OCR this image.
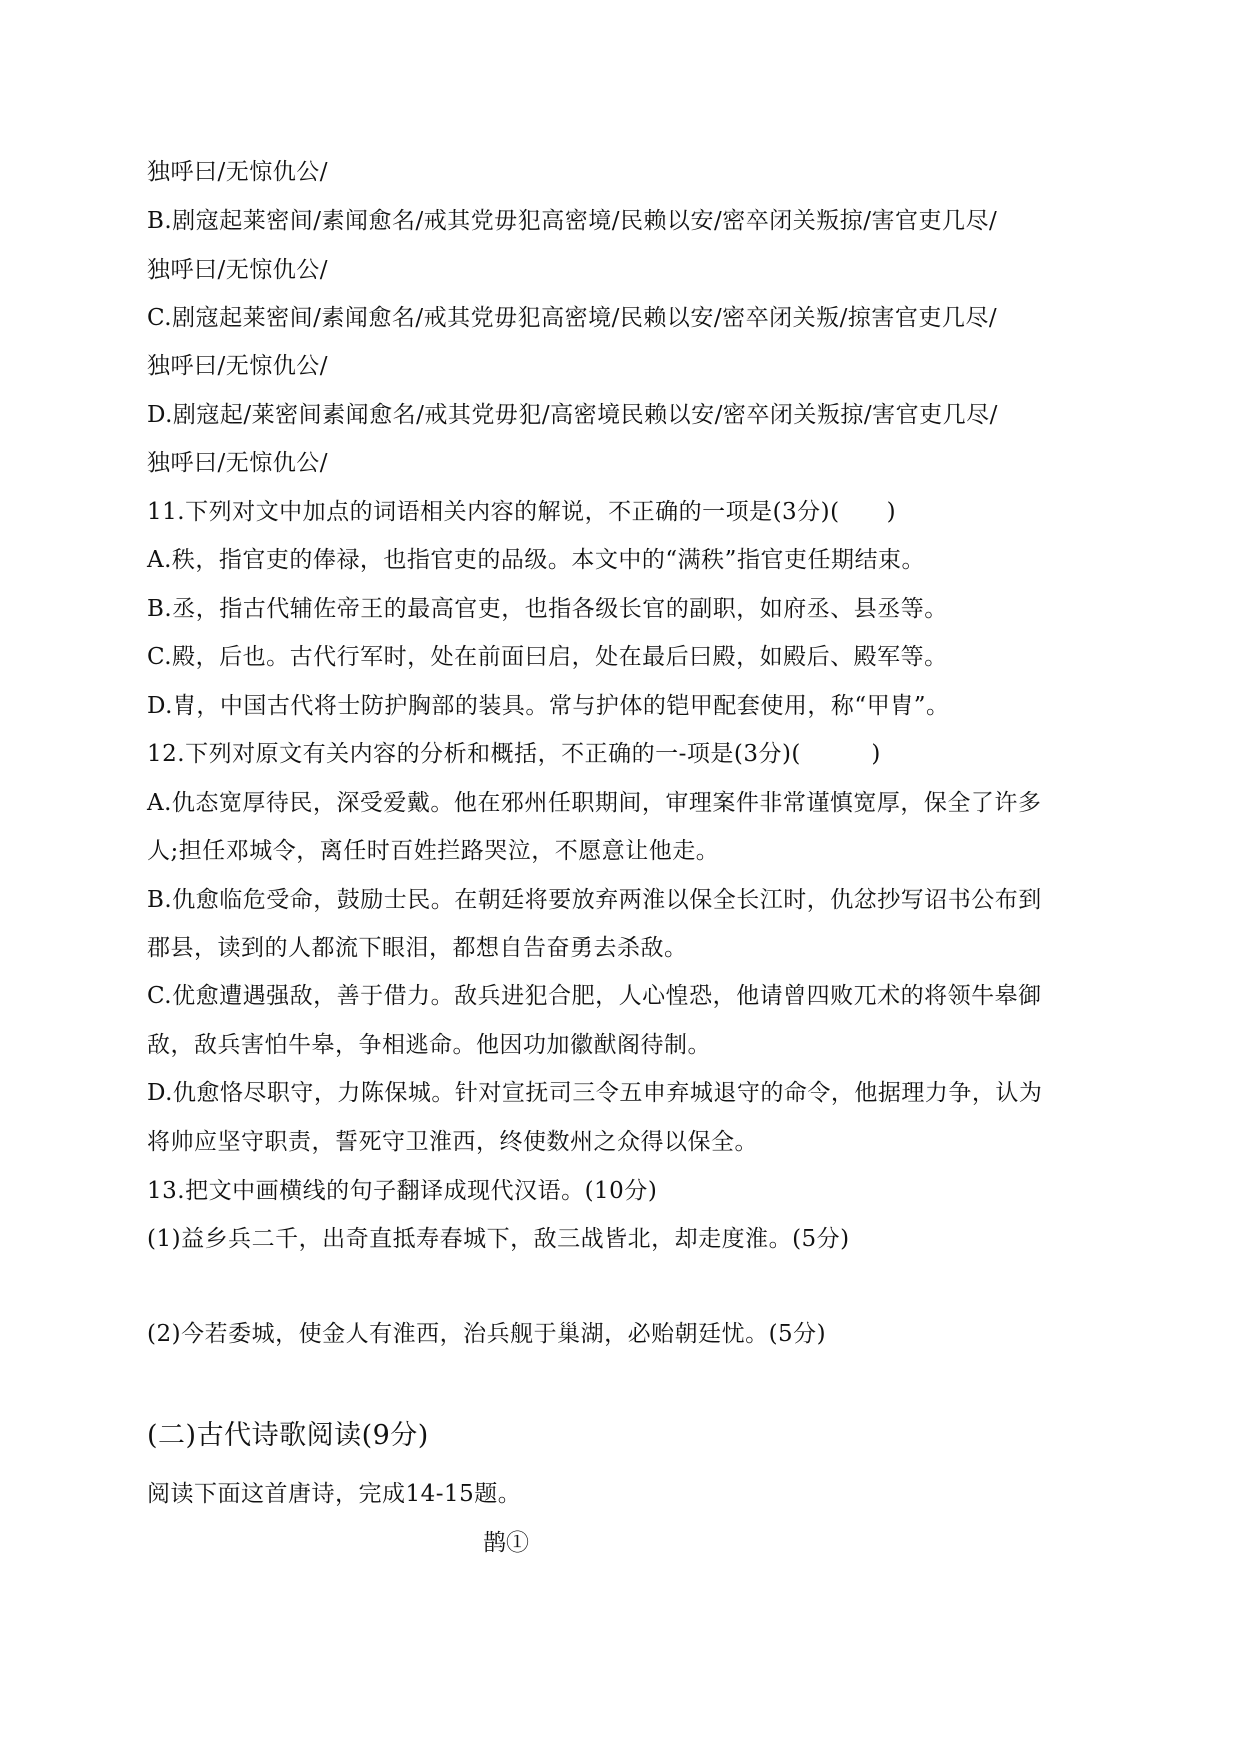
独呼曰/无惊仇公/
B.剧寇起莱密间/素闻愈名/戒其党毋犯高密境/民赖以安/密卒闭关叛掠/害官吏几尽/
独呼曰/无惊仇公/
C.剧寇起莱密间/素闻愈名/戒其党毋犯高密境/民赖以安/密卒闭关叛/掠害官吏几尽/
独呼曰/无惊仇公/
D.剧寇起/莱密间素闻愈名/戒其党毋犯/高密境民赖以安/密卒闭关叛掠/害官吏几尽/
独呼曰/无惊仇公/
11.下列对文中加点的词语相关内容的解说，不正确的一项是(3分)(　　)
A.秩，指官吏的俸禄，也指官吏的品级。本文中的“满秩”指官吏任期结束。
B.丞，指古代辅佐帝王的最高官吏，也指各级长官的副职，如府丞、县丞等。
C.殿，后也。古代行军时，处在前面曰启，处在最后曰殿，如殿后、殿军等。
D.胄，中国古代将士防护胸部的装具。常与护体的铠甲配套使用，称“甲胄”。
12.下列对原文有关内容的分析和概括，不正确的一-项是(3分)(　　　)
A.仇态宽厚待民，深受爱戴。他在邪州任职期间，审理案件非常谨慎宽厚，保全了许多
人;担任邓城令，离任时百姓拦路哭泣，不愿意让他走。
B.仇愈临危受命，鼓励士民。在朝廷将要放弃两淮以保全长江时，仇忿抄写诏书公布到
郡县，读到的人都流下眼泪，都想自告奋勇去杀敌。
C.优愈遭遇强敌，善于借力。敌兵进犯合肥，人心惶恐，他请曾四败兀术的将领牛皋御
敌，敌兵害怕牛皋，争相逃命。他因功加徽猷阁待制。
D.仇愈恪尽职守，力陈保城。针对宣抚司三令五申弃城退守的命令，他据理力争，认为
将帅应坚守职责，誓死守卫淮西，终使数州之众得以保全。
13.把文中画横线的句子翻译成现代汉语。(10分)
(1)益乡兵二千，出奇直抵寿春城下，敌三战皆北，却走度淮。(5分)
(2)今若委城，使金人有淮西，治兵舰于巢湖，必贻朝廷忧。(5分)
(二)古代诗歌阅读(9分)
阅读下面这首唐诗，完成14-15题。
鹊①
